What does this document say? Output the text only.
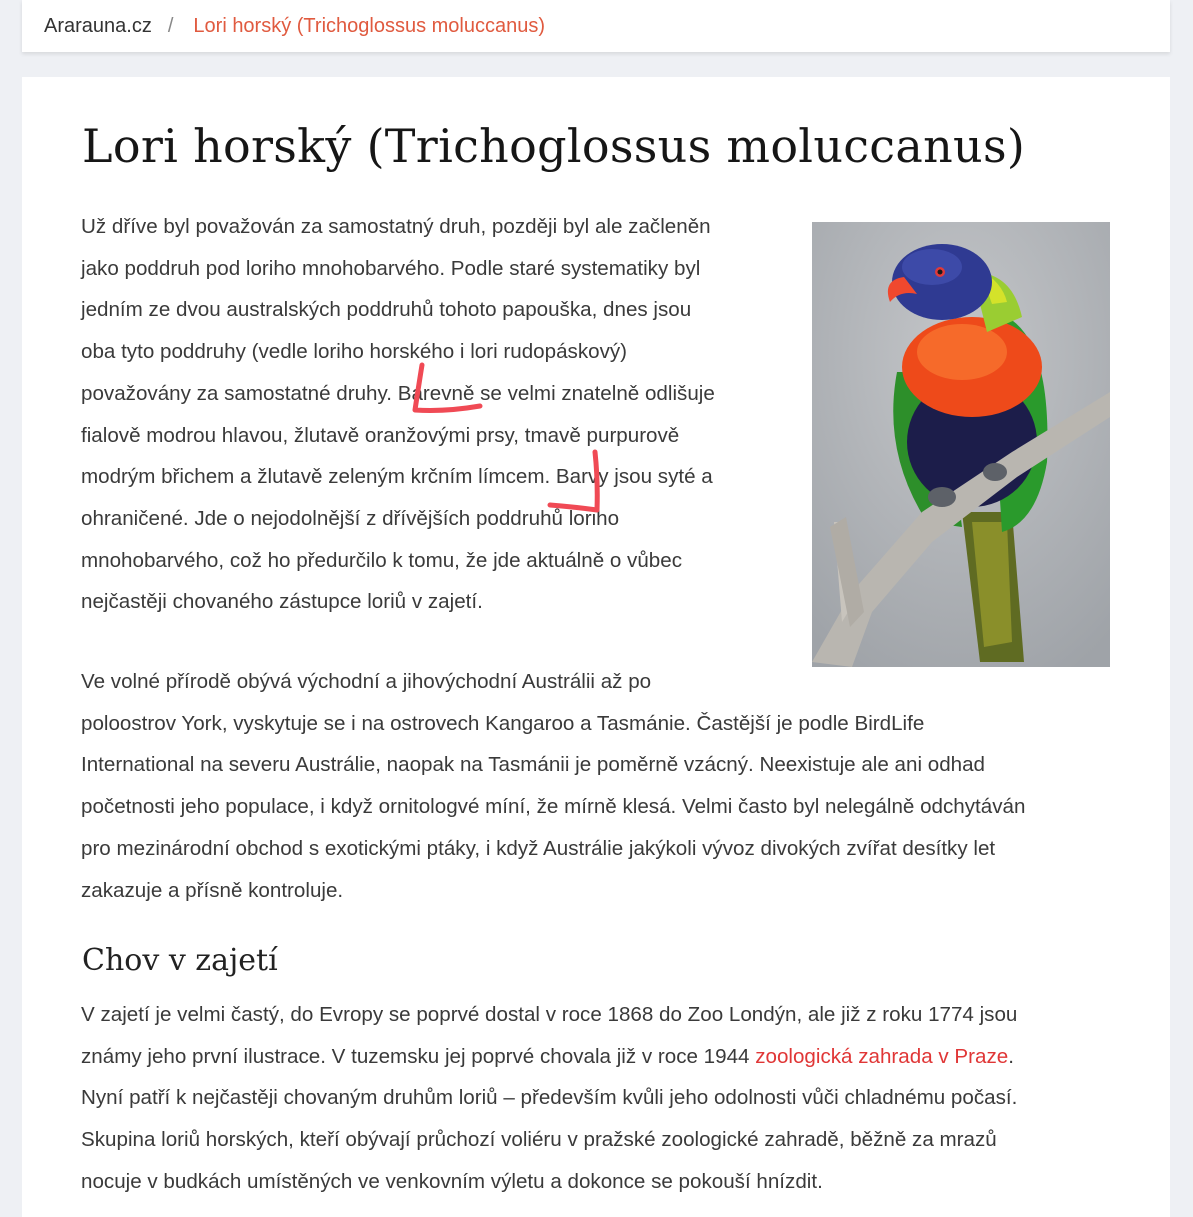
Ararauna.cz / Lori horský (Trichoglossus moluccanus)
Lori horský (Trichoglossus moluccanus)
Už dříve byl považován za samostatný druh, později byl ale začleněn
jako poddruh pod loriho mnohobarvého. Podle staré systematiky byl
jedním ze dvou australských poddruhů tohoto papouška, dnes jsou
oba tyto poddruhy (vedle loriho horského i lori rudopáskový)
považovány za samostatné druhy. Barevně se velmi znatelně odlišuje
fialově modrou hlavou, žlutavě oranžovými prsy, tmavě purpurově
modrým břichem a žlutavě zeleným krčním límcem. Barvy jsou syté a
ohraničené. Jde o nejodolnější z dřívějších poddruhů loriho
mnohobarvého, což ho předurčilo k tomu, že jde aktuálně o vůbec
nejčastěji chovaného zástupce loriů v zajetí.
Ve volné přírodě obývá východní a jihovýchodní Austrálii až po
poloostrov York, vyskytuje se i na ostrovech Kangaroo a Tasmánie. Častější je podle BirdLife
International na severu Austrálie, naopak na Tasmánii je poměrně vzácný. Neexistuje ale ani odhad
početnosti jeho populace, i když ornitologvé míní, že mírně klesá. Velmi často byl nelegálně odchytáván
pro mezinárodní obchod s exotickými ptáky, i když Austrálie jakýkoli vývoz divokých zvířat desítky let
zakazuje a přísně kontroluje.
Chov v zajetí
V zajetí je velmi častý, do Evropy se poprvé dostal v roce 1868 do Zoo Londýn, ale již z roku 1774 jsou
známy jeho první ilustrace. V tuzemsku jej poprvé chovala již v roce 1944 zoologická zahrada v Praze.
Nyní patří k nejčastěji chovaným druhům loriů – především kvůli jeho odolnosti vůči chladnému počasí.
Skupina loriů horských, kteří obývají průchozí voliéru v pražské zoologické zahradě, běžně za mrazů
nocuje v budkách umístěných ve venkovním výletu a dokonce se pokouší hnízdit.
